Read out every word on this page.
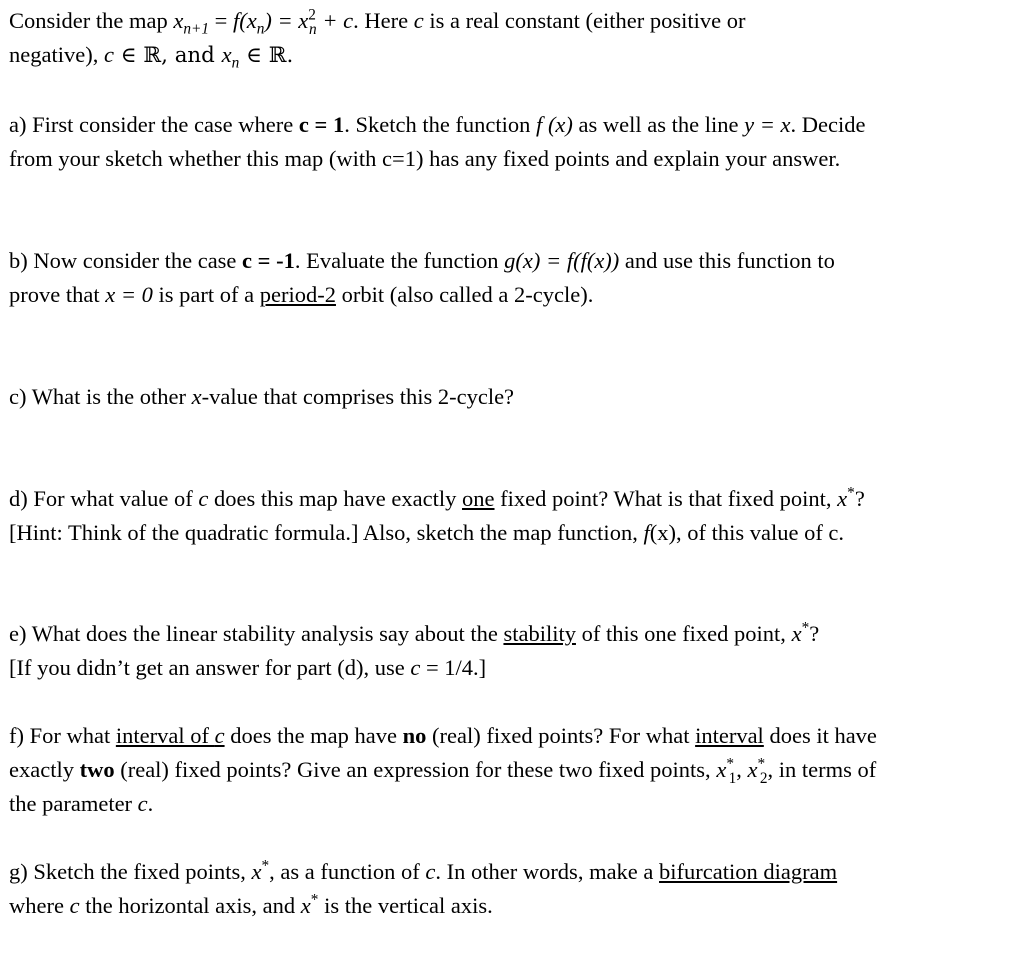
Consider the map $x_{n+1} = f(x_n) = x^2_n + c$. Here c is a real constant (either positive or
negative), c ∈ ℝ, and $x_n$ ∈ ℝ.

a) First consider the case where c = 1. Sketch the function f (x) as well as the line y = x. Decide
from your sketch whether this map (with c=1) has any fixed points and explain your answer.

b) Now consider the case c = -1. Evaluate the function g(x) = f(f(x)) and use this function to
prove that x = 0 is part of a period-2 orbit (also called a 2-cycle).

c) What is the other x-value that comprises this 2-cycle?

d) For what value of c does this map have exactly one fixed point? What is that fixed point, x*?
[Hint: Think of the quadratic formula.] Also, sketch the map function, f(x), of this value of c.

e) What does the linear stability analysis say about the stability of this one fixed point, x*?
[If you didn’t get an answer for part (d), use c = 1/4.]

f) For what interval of c does the map have no (real) fixed points? For what interval does it have
exactly two (real) fixed points? Give an expression for these two fixed points, $x^*_1$, $x^*_2$, in terms of
the parameter c.

g) Sketch the fixed points, x*, as a function of c. In other words, make a bifurcation diagram
where c the horizontal axis, and x* is the vertical axis.
